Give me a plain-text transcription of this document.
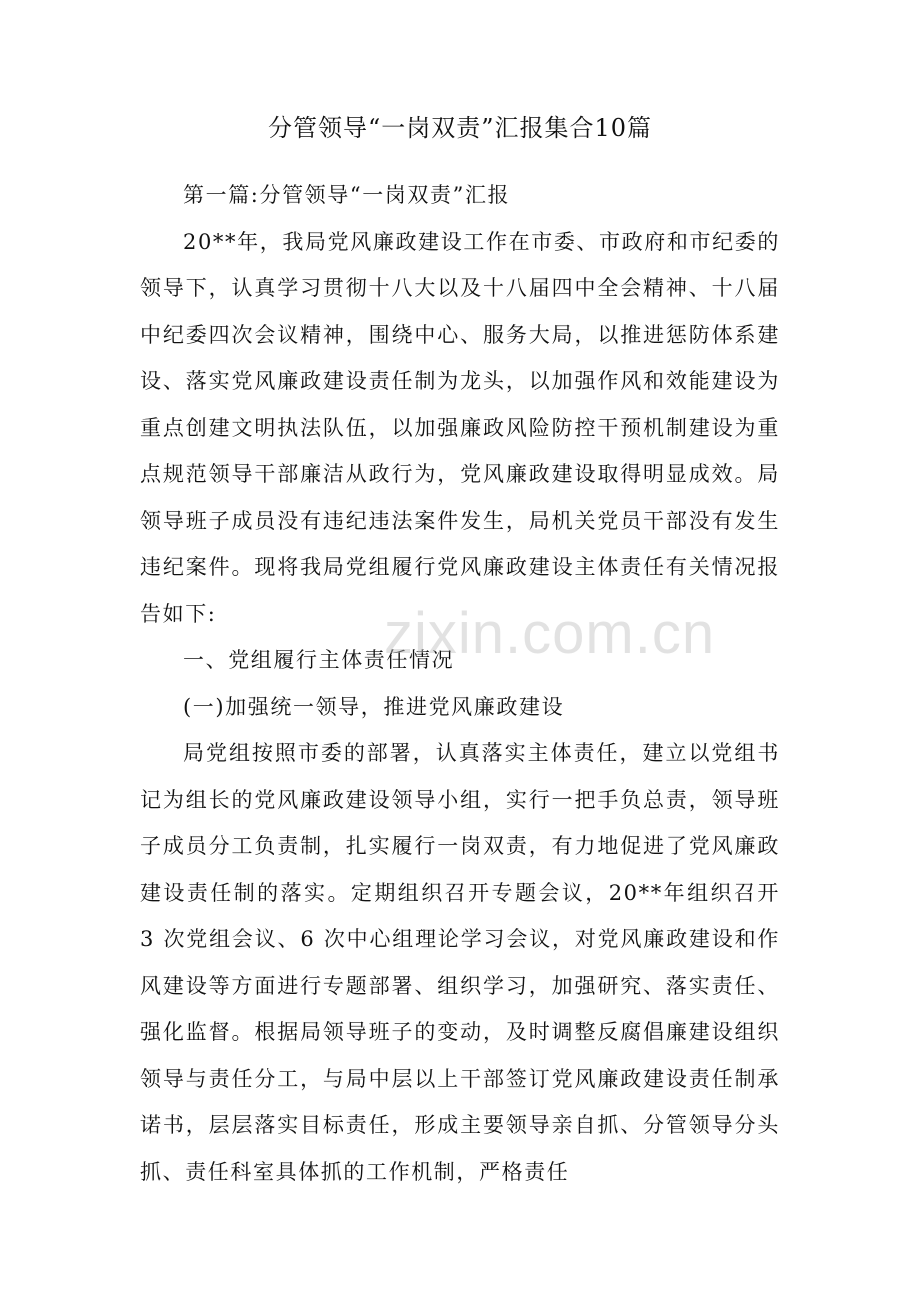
分管领导“一岗双责”汇报集合10篇

第一篇:分管领导“一岗双责”汇报

20**年，我局党风廉政建设工作在市委、市政府和市纪委的领导下，认真学习贯彻十八大以及十八届四中全会精神、十八届中纪委四次会议精神，围绕中心、服务大局，以推进惩防体系建设、落实党风廉政建设责任制为龙头，以加强作风和效能建设为重点创建文明执法队伍，以加强廉政风险防控干预机制建设为重点规范领导干部廉洁从政行为，党风廉政建设取得明显成效。局领导班子成员没有违纪违法案件发生，局机关党员干部没有发生违纪案件。现将我局党组履行党风廉政建设主体责任有关情况报告如下:

一、党组履行主体责任情况

(一)加强统一领导，推进党风廉政建设

局党组按照市委的部署，认真落实主体责任，建立以党组书记为组长的党风廉政建设领导小组，实行一把手负总责，领导班子成员分工负责制，扎实履行一岗双责，有力地促进了党风廉政建设责任制的落实。定期组织召开专题会议，20**年组织召开 3 次党组会议、6 次中心组理论学习会议，对党风廉政建设和作风建设等方面进行专题部署、组织学习，加强研究、落实责任、强化监督。根据局领导班子的变动，及时调整反腐倡廉建设组织领导与责任分工，与局中层以上干部签订党风廉政建设责任制承诺书，层层落实目标责任，形成主要领导亲自抓、分管领导分头抓、责任科室具体抓的工作机制，严格责任

zixin.com.cn
